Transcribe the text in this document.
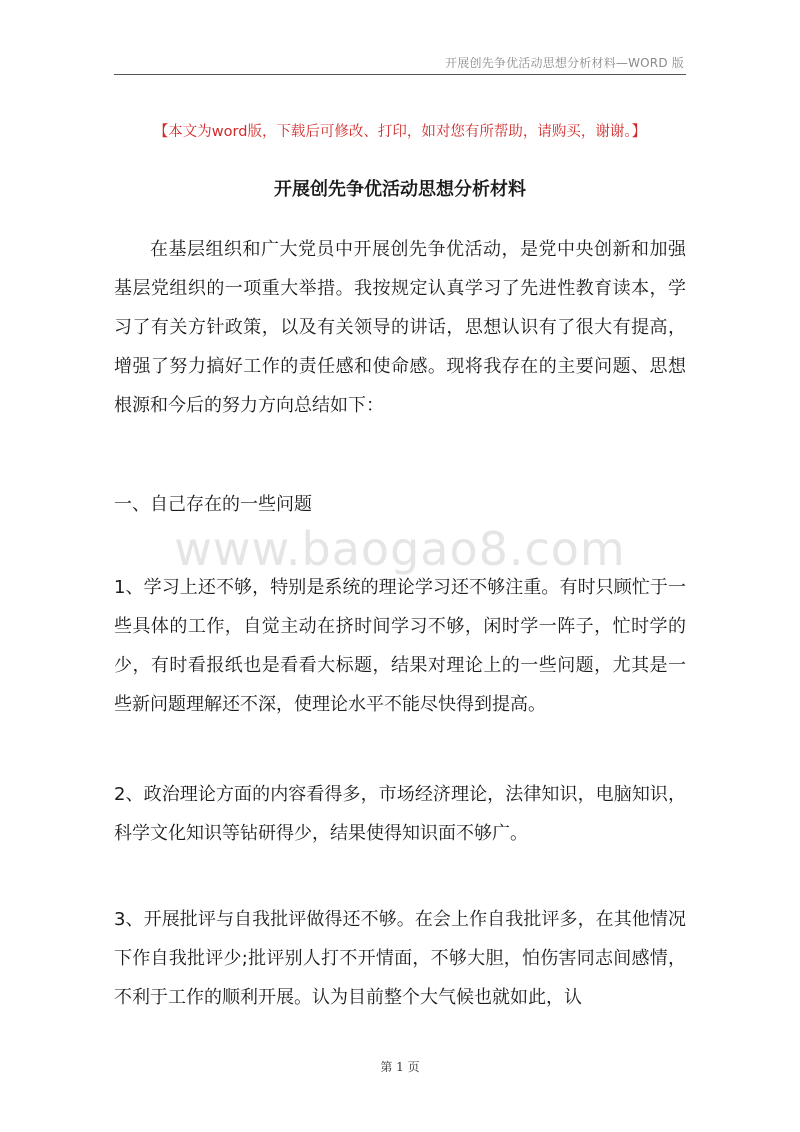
开展创先争优活动思想分析材料—WORD 版
【本文为word版，下载后可修改、打印，如对您有所帮助，请购买，谢谢。】
开展创先争优活动思想分析材料
在基层组织和广大党员中开展创先争优活动，是党中央创新和加强基层党组织的一项重大举措。我按规定认真学习了先进性教育读本，学习了有关方针政策，以及有关领导的讲话，思想认识有了很大有提高，增强了努力搞好工作的责任感和使命感。现将我存在的主要问题、思想根源和今后的努力方向总结如下：
一、自己存在的一些问题
www.baogao8.com
1、学习上还不够，特别是系统的理论学习还不够注重。有时只顾忙于一些具体的工作，自觉主动在挤时间学习不够，闲时学一阵子，忙时学的少，有时看报纸也是看看大标题，结果对理论上的一些问题，尤其是一些新问题理解还不深，使理论水平不能尽快得到提高。
2、政治理论方面的内容看得多，市场经济理论，法律知识，电脑知识，科学文化知识等钻研得少，结果使得知识面不够广。
3、开展批评与自我批评做得还不够。在会上作自我批评多，在其他情况下作自我批评少;批评别人打不开情面，不够大胆，怕伤害同志间感情，不利于工作的顺利开展。认为目前整个大气候也就如此，认
第 1 页
